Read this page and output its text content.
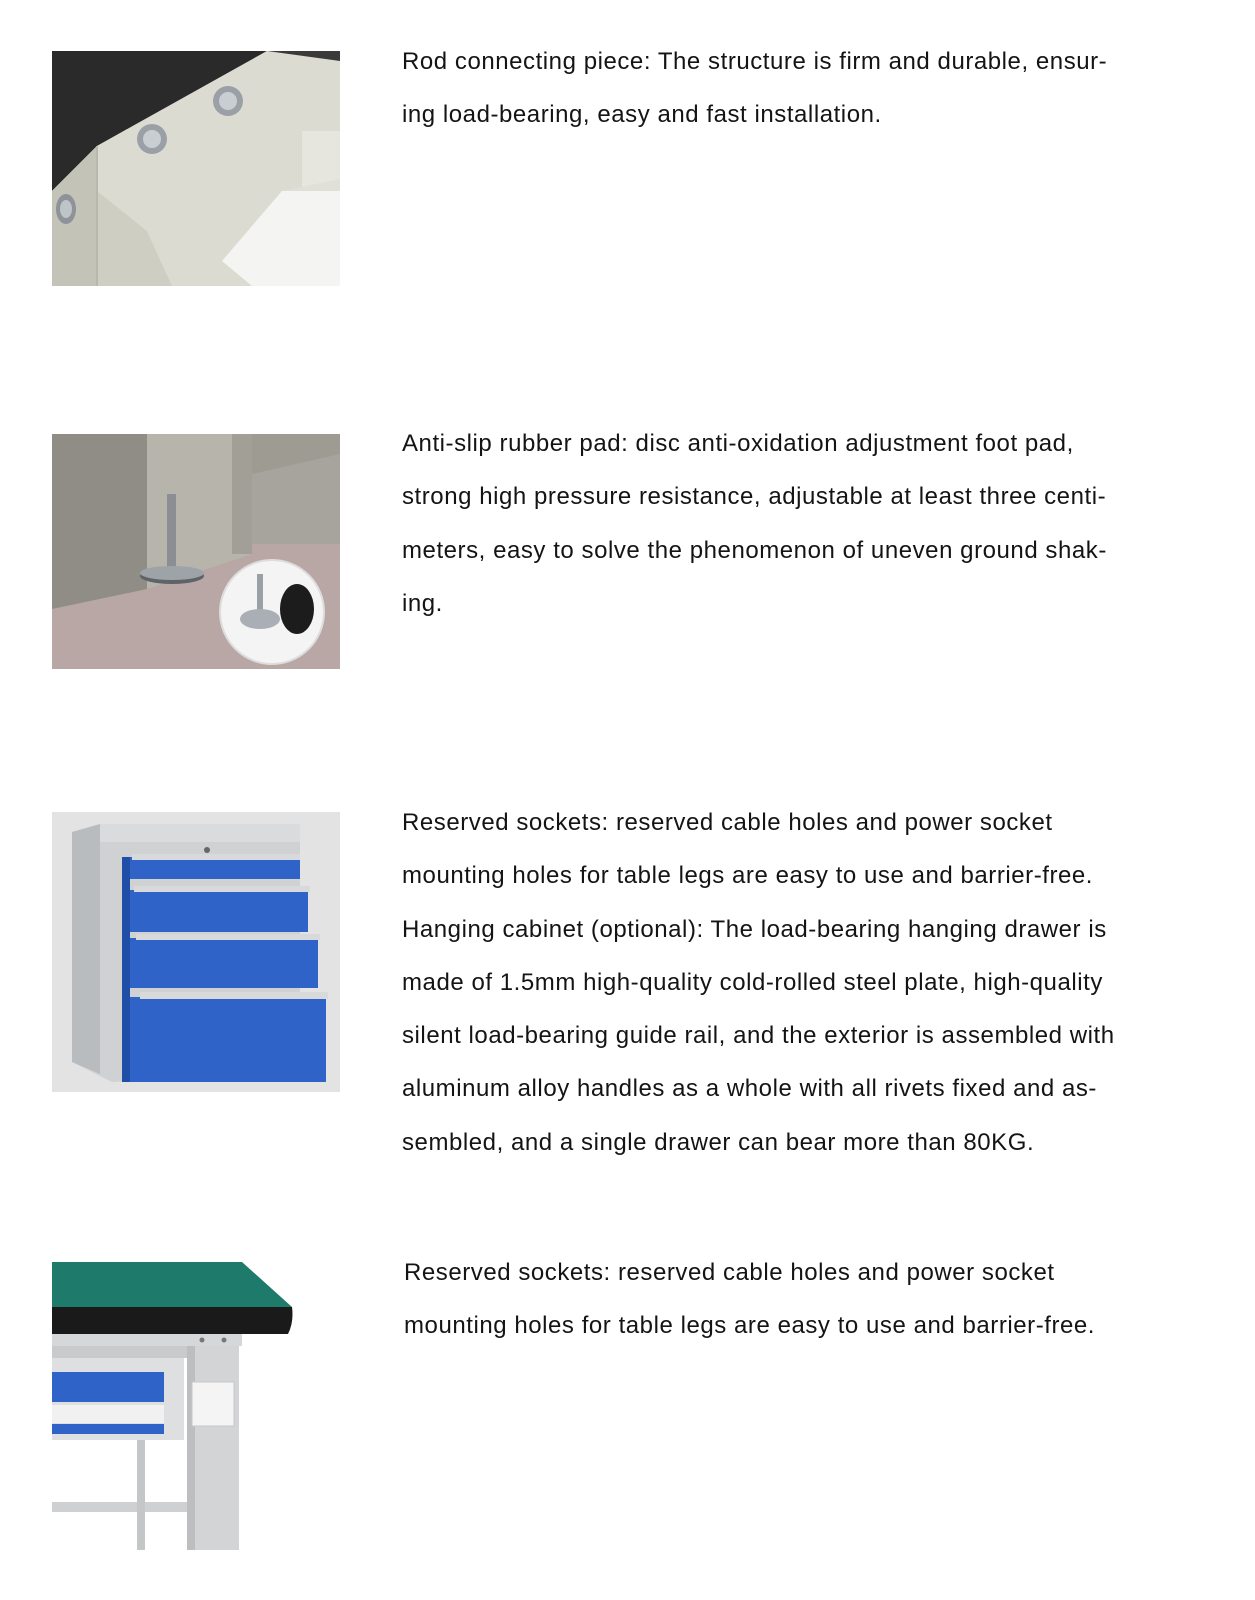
Rod connecting piece: The structure is firm and durable, ensur-
ing load-bearing, easy and fast installation.

Anti-slip rubber pad: disc anti-oxidation adjustment foot pad,
strong high pressure resistance, adjustable at least three centi-
meters, easy to solve the phenomenon of uneven ground shak-
ing.

Reserved sockets: reserved cable holes and power socket
mounting holes for table legs are easy to use and barrier-free.
Hanging cabinet (optional): The load-bearing hanging drawer is
made of 1.5mm high-quality cold-rolled steel plate, high-quality
silent load-bearing guide rail, and the exterior is assembled with
aluminum alloy handles as a whole with all rivets fixed and as-
sembled, and a single drawer can bear more than 80KG.

Reserved sockets: reserved cable holes and power socket
mounting holes for table legs are easy to use and barrier-free.
